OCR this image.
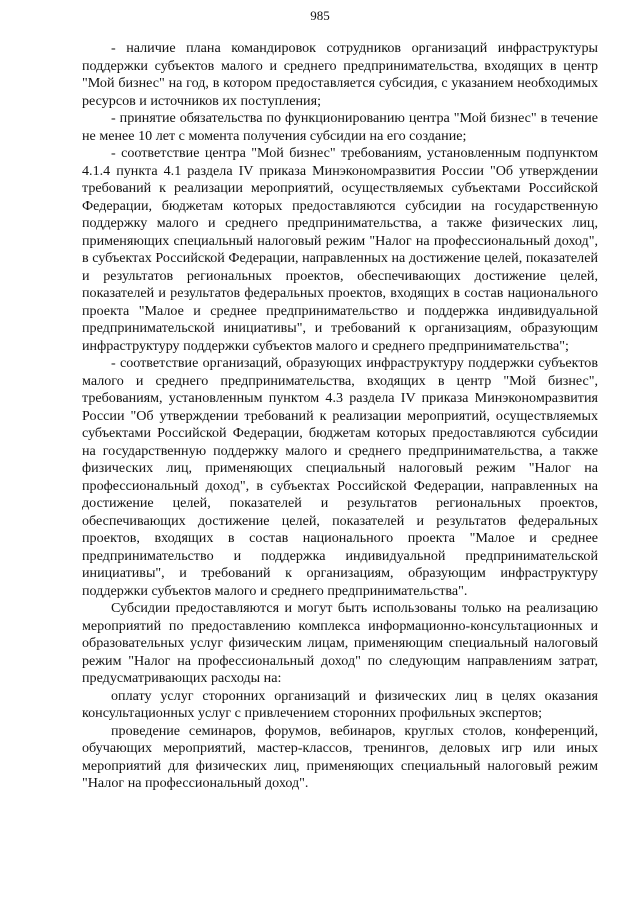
985

- наличие плана командировок сотрудников организаций инфраструктуры поддержки субъектов малого и среднего предпринимательства, входящих в центр "Мой бизнес" на год, в котором предоставляется субсидия, с указанием необходимых ресурсов и источников их поступления;

- принятие обязательства по функционированию центра "Мой бизнес" в течение не менее 10 лет с момента получения субсидии на его создание;

- соответствие центра "Мой бизнес" требованиям, установленным подпунктом 4.1.4 пункта 4.1 раздела IV приказа Минэкономразвития России "Об утверждении требований к реализации мероприятий, осуществляемых субъектами Российской Федерации, бюджетам которых предоставляются субсидии на государственную поддержку малого и среднего предпринимательства, а также физических лиц, применяющих специальный налоговый режим "Налог на профессиональный доход", в субъектах Российской Федерации, направленных на достижение целей, показателей и результатов региональных проектов, обеспечивающих достижение целей, показателей и результатов федеральных проектов, входящих в состав национального проекта "Малое и среднее предпринимательство и поддержка индивидуальной предпринимательской инициативы", и требований к организациям, образующим инфраструктуру поддержки субъектов малого и среднего предпринимательства";

- соответствие организаций, образующих инфраструктуру поддержки субъектов малого и среднего предпринимательства, входящих в центр "Мой бизнес", требованиям, установленным пунктом 4.3 раздела IV приказа Минэкономразвития России "Об утверждении требований к реализации мероприятий, осуществляемых субъектами Российской Федерации, бюджетам которых предоставляются субсидии на государственную поддержку малого и среднего предпринимательства, а также физических лиц, применяющих специальный налоговый режим "Налог на профессиональный доход", в субъектах Российской Федерации, направленных на достижение целей, показателей и результатов региональных проектов, обеспечивающих достижение целей, показателей и результатов федеральных проектов, входящих в состав национального проекта "Малое и среднее предпринимательство и поддержка индивидуальной предпринимательской инициативы", и требований к организациям, образующим инфраструктуру поддержки субъектов малого и среднего предпринимательства".

Субсидии предоставляются и могут быть использованы только на реализацию мероприятий по предоставлению комплекса информационно-консультационных и образовательных услуг физическим лицам, применяющим специальный налоговый режим "Налог на профессиональный доход" по следующим направлениям затрат, предусматривающих расходы на:

оплату услуг сторонних организаций и физических лиц в целях оказания консультационных услуг с привлечением сторонних профильных экспертов;

проведение семинаров, форумов, вебинаров, круглых столов, конференций, обучающих мероприятий, мастер-классов, тренингов, деловых игр или иных мероприятий для физических лиц, применяющих специальный налоговый режим "Налог на профессиональный доход".
